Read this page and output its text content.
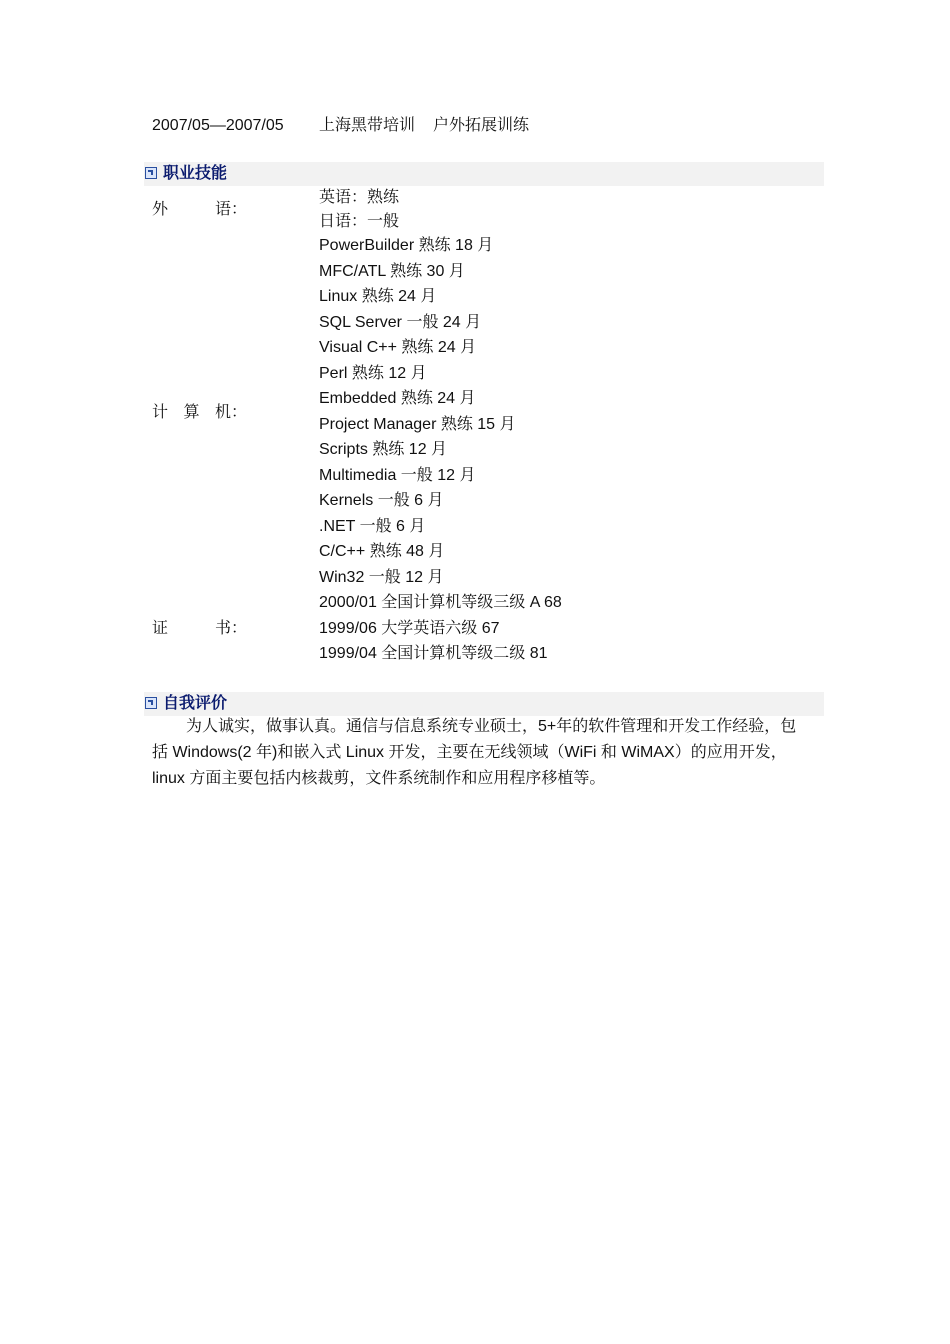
2007/05—2007/05 上海黑带培训 户外拓展训练
职业技能
外	语：
英语：熟练
日语：一般
计 算 机：
PowerBuilder 熟练 18 月
MFC/ATL 熟练 30 月
Linux 熟练 24 月
SQL Server 一般 24 月
Visual C++ 熟练 24 月
Perl 熟练 12 月
Embedded 熟练 24 月
Project Manager 熟练 15 月
Scripts 熟练 12 月
Multimedia 一般 12 月
Kernels 一般 6 月
.NET 一般 6 月
C/C++ 熟练 48 月
Win32 一般 12 月
证	书：
2000/01 全国计算机等级三级 A 68
1999/06 大学英语六级 67
1999/04 全国计算机等级二级 81
自我评价

为人诚实，做事认真。通信与信息系统专业硕士，5+年的软件管理和开发工作经验，包括 Windows(2 年)和嵌入式 Linux 开发，主要在无线领域（WiFi 和 WiMAX）的应用开发，linux 方面主要包括内核裁剪，文件系统制作和应用程序移植等。
